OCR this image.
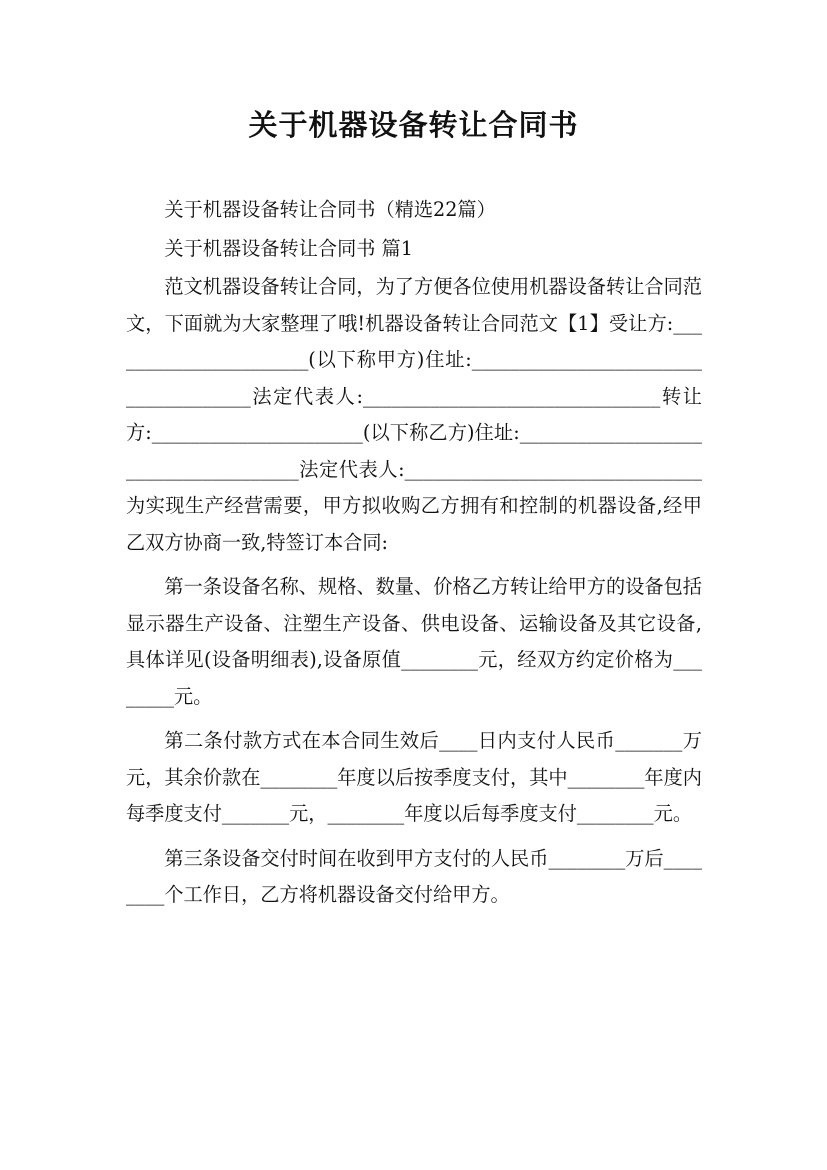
关于机器设备转让合同书

关于机器设备转让合同书（精选22篇）

关于机器设备转让合同书 篇1

范文机器设备转让合同，为了方便各位使用机器设备转让合同范文，下面就为大家整理了哦!机器设备转让合同范文【1】受让方:______________________(以下称甲方)住址:_____________________________________法定代表人:_______________________________转让方:______________________(以下称乙方)住址:_____________________________________法定代表人:_______________________________为实现生产经营需要，甲方拟收购乙方拥有和控制的机器设备,经甲乙双方协商一致,特签订本合同:

第一条设备名称、规格、数量、价格乙方转让给甲方的设备包括显示器生产设备、注塑生产设备、供电设备、运输设备及其它设备,具体详见(设备明细表),设备原值________元，经双方约定价格为________元。

第二条付款方式在本合同生效后____日内支付人民币_______万元，其余价款在________年度以后按季度支付，其中________年度内每季度支付_______元，________年度以后每季度支付________元。

第三条设备交付时间在收到甲方支付的人民币________万后________个工作日，乙方将机器设备交付给甲方。
